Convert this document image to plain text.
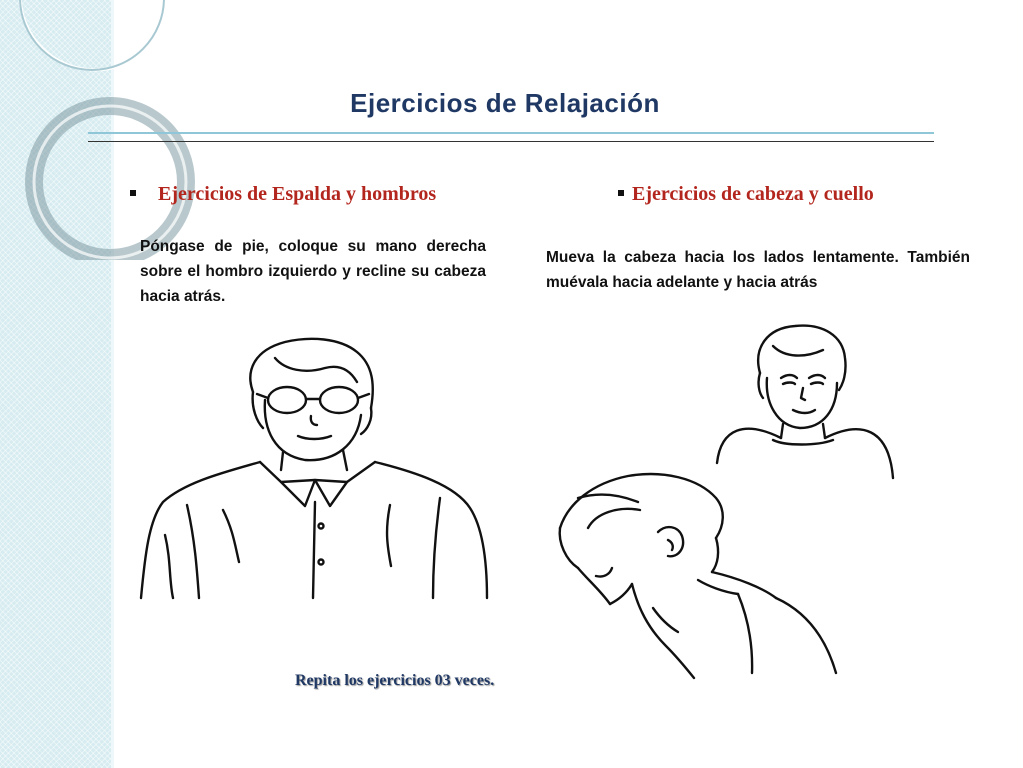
Ejercicios de Relajación
Ejercicios de Espalda y hombros	Ejercicios de cabeza y cuello
Póngase de pie, coloque su mano derecha sobre el hombro izquierdo y recline su cabeza hacia atrás.
Mueva la cabeza hacia los lados lentamente. También muévala hacia adelante y hacia atrás
Repita los ejercicios 03 veces.
